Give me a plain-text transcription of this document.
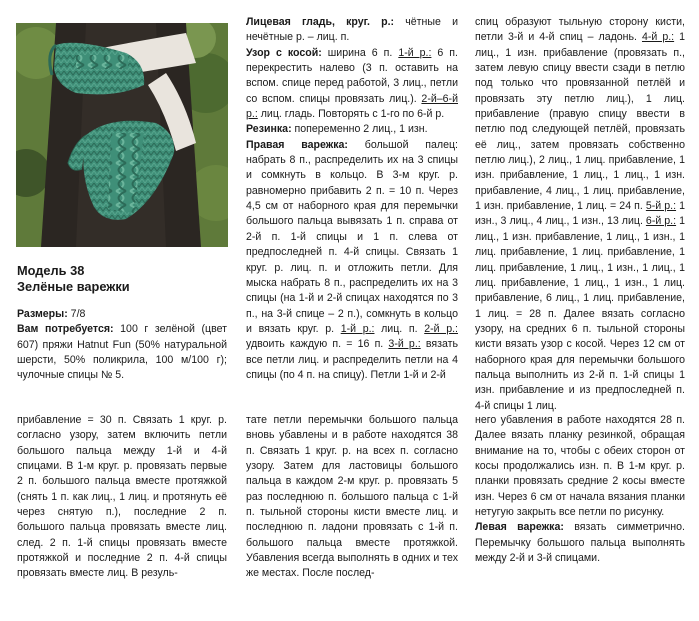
Модель 38
Зелёные варежки

Размеры: 7/8

Вам потребуется: 100 г зелёной (цвет 607) пряжи Hatnut Fun (50% натуральной шерсти, 50% поликрила, 100 м/100 г); чулочные спицы № 5.

Лицевая гладь, круг. р.: чётные и нечётные р. – лиц. п.

Узор с косой: ширина 6 п. 1-й р.: 6 п. перекрестить налево (3 п. оставить на вспом. спице перед работой, 3 лиц., петли со вспом. спицы провязать лиц.). 2-й–6-й р.: лиц. гладь. Повторять с 1-го по 6-й р.

Резинка: попеременно 2 лиц., 1 изн.

Правая варежка: большой палец: набрать 8 п., распределить их на 3 спицы и сомкнуть в кольцо. В 3-м круг. р. равномерно прибавить 2 п. = 10 п. Через 4,5 см от наборного края для перемычки большого пальца вывязать 1 п. справа от 2-й п. 1-й спицы и 1 п. слева от предпоследней п. 4-й спицы. Связать 1 круг. р. лиц. п. и отложить петли. Для мыска набрать 8 п., распределить их на 3 спицы (на 1-й и 2-й спицах находятся по 3 п., на 3-й спице – 2 п.), сомкнуть в кольцо и вязать круг. р. 1-й р.: лиц. п. 2-й р.: удвоить каждую п. = 16 п. 3-й р.: вязать все петли лиц. и распределить петли на 4 спицы (по 4 п. на спицу). Петли 1-й и 2-й

спиц образуют тыльную сторону кисти, петли 3-й и 4-й спиц – ладонь. 4-й р.: 1 лиц., 1 изн. прибавление (провязать п., затем левую спицу ввести сзади в петлю под только что провязанной петлёй и провязать эту петлю лиц.), 1 лиц. прибавление (правую спицу ввести в петлю под следующей петлёй, провязать её лиц., затем провязать собственно петлю лиц.), 2 лиц., 1 лиц. прибавление, 1 изн. прибавление, 1 лиц., 1 лиц., 1 изн. прибавление, 4 лиц., 1 лиц. прибавление, 1 изн. прибавление, 1 лиц. = 24 п. 5-й р.: 1 изн., 3 лиц., 4 лиц., 1 изн., 13 лиц. 6-й р.: 1 лиц., 1 изн. прибавление, 1 лиц., 1 изн., 1 лиц. прибавление, 1 лиц. прибавление, 1 лиц. прибавление, 1 лиц., 1 изн., 1 лиц., 1 лиц. прибавление, 1 лиц., 1 изн., 1 лиц. прибавление, 6 лиц., 1 лиц. прибавление, 1 лиц. = 28 п. Далее вязать согласно узору, на средних 6 п. тыльной стороны кисти вязать узор с косой. Через 12 см от наборного края для перемычки большого пальца выполнить из 2-й п. 1-й спицы 1 изн. прибавление и из предпоследней п. 4-й спицы 1 лиц.

прибавление = 30 п. Связать 1 круг. р. согласно узору, затем включить петли большого пальца между 1-й и 4-й спицами. В 1-м круг. р. провязать первые 2 п. большого пальца вместе протяжкой (снять 1 п. как лиц., 1 лиц. и протянуть её через снятую п.), последние 2 п. большого пальца провязать вместе лиц. след. 2 п. 1-й спицы провязать вместе протяжкой и последние 2 п. 4-й спицы провязать вместе лиц. В резуль-

тате петли перемычки большого пальца вновь убавлены и в работе находятся 38 п. Связать 1 круг. р. на всех п. согласно узору. Затем для ластовицы большого пальца в каждом 2-м круг. р. провязать 5 раз последнюю п. большого пальца с 1-й п. тыльной стороны кисти вместе лиц. и последнюю п. ладони провязать с 1-й п. большого пальца вместе протяжкой. Убавления всегда выполнять в одних и тех же местах. После послед-

него убавления в работе находятся 28 п. Далее вязать планку резинкой, обращая внимание на то, чтобы с обеих сторон от косы продолжались изн. п. В 1-м круг. р. планки провязать средние 2 косы вместе изн. Через 6 см от начала вязания планки нетугую закрыть все петли по рисунку.

Левая варежка: вязать симметрично. Перемычку большого пальца выполнять между 2-й и 3-й спицами.
